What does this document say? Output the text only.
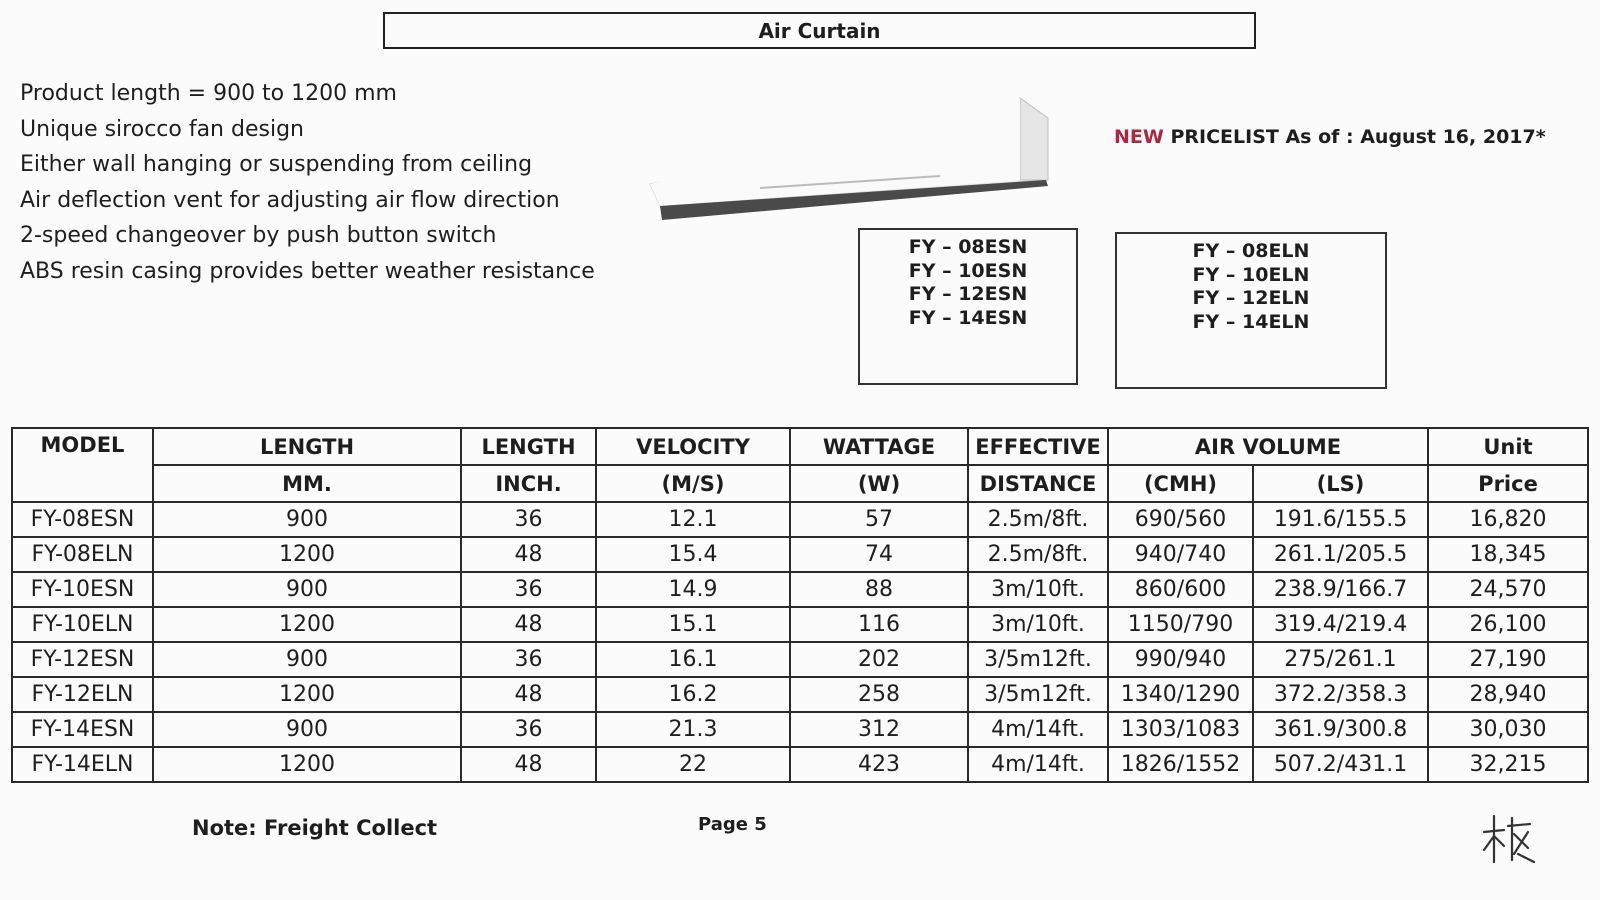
Air Curtain
Product length = 900 to 1200 mm
Unique sirocco fan design
Either wall hanging or suspending from ceiling
Air deflection vent for adjusting air flow direction
2-speed changeover by push button switch
ABS resin casing provides better weather resistance
NEW PRICELIST As of : August 16, 2017*
FY – 08ESN
FY – 10ESN
FY – 12ESN
FY – 14ESN
FY – 08ELN
FY – 10ELN
FY – 12ELN
FY – 14ELN
MODEL	LENGTH	LENGTH	VELOCITY	WATTAGE	EFFECTIVE	AIR VOLUME		Unit
	MM.	INCH.	(M/S)	(W)	DISTANCE	(CMH)	(LS)	Price
FY-08ESN	900	36	12.1	57	2.5m/8ft.	690/560	191.6/155.5	16,820
FY-08ELN	1200	48	15.4	74	2.5m/8ft.	940/740	261.1/205.5	18,345
FY-10ESN	900	36	14.9	88	3m/10ft.	860/600	238.9/166.7	24,570
FY-10ELN	1200	48	15.1	116	3m/10ft.	1150/790	319.4/219.4	26,100
FY-12ESN	900	36	16.1	202	3/5m12ft.	990/940	275/261.1	27,190
FY-12ELN	1200	48	16.2	258	3/5m12ft.	1340/1290	372.2/358.3	28,940
FY-14ESN	900	36	21.3	312	4m/14ft.	1303/1083	361.9/300.8	30,030
FY-14ELN	1200	48	22	423	4m/14ft.	1826/1552	507.2/431.1	32,215
Note: Freight Collect	Page 5
